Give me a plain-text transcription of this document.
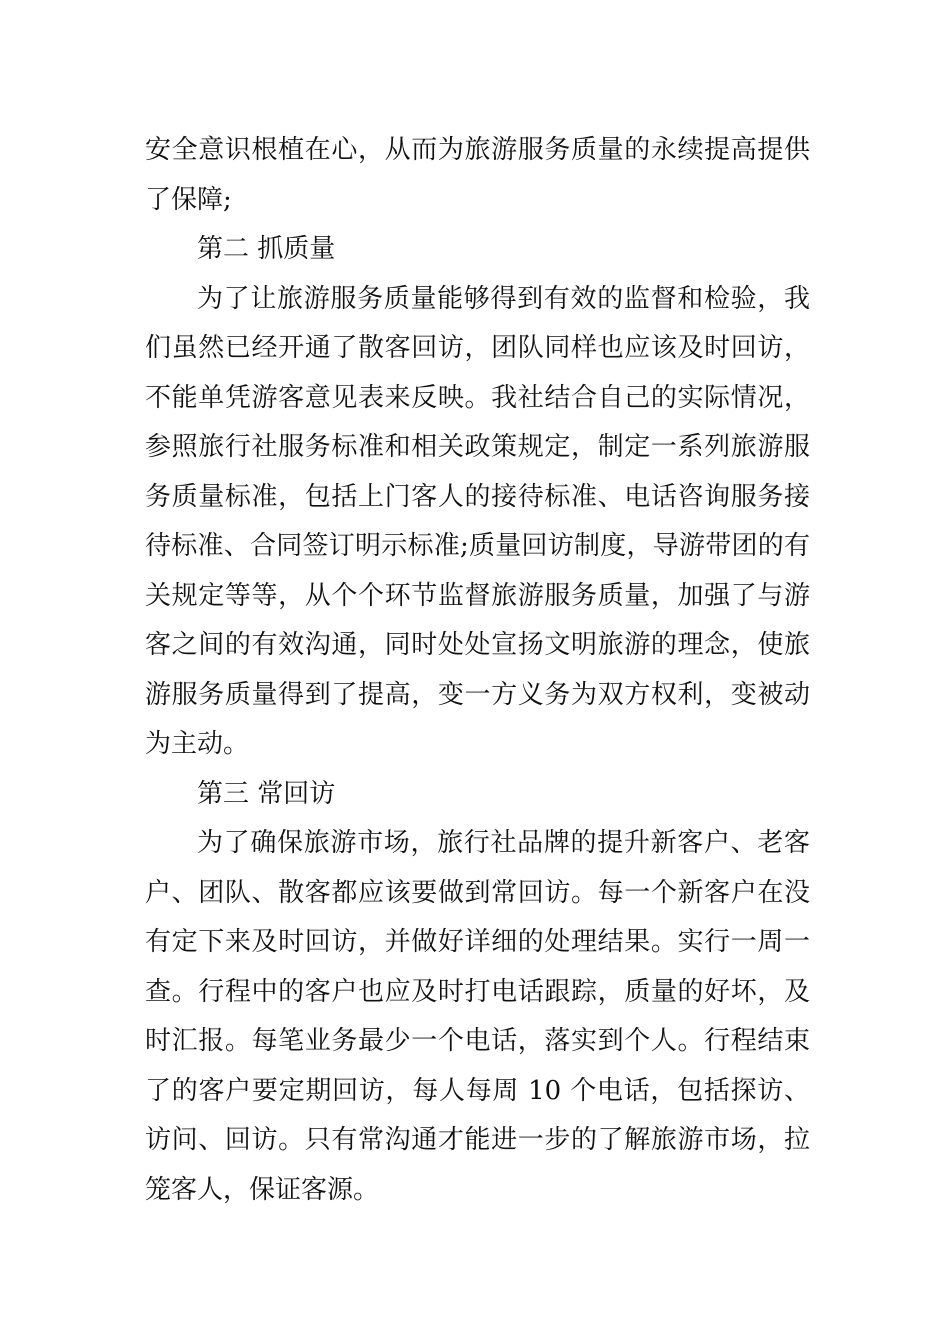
安全意识根植在心，从而为旅游服务质量的永续提高提供了保障;

第二 抓质量

为了让旅游服务质量能够得到有效的监督和检验，我们虽然已经开通了散客回访，团队同样也应该及时回访，不能单凭游客意见表来反映。我社结合自己的实际情况，参照旅行社服务标准和相关政策规定，制定一系列旅游服务质量标准，包括上门客人的接待标准、电话咨询服务接待标准、合同签订明示标准;质量回访制度，导游带团的有关规定等等，从个个环节监督旅游服务质量，加强了与游客之间的有效沟通，同时处处宣扬文明旅游的理念，使旅游服务质量得到了提高，变一方义务为双方权利，变被动为主动。

第三 常回访

为了确保旅游市场，旅行社品牌的提升新客户、老客户、团队、散客都应该要做到常回访。每一个新客户在没有定下来及时回访，并做好详细的处理结果。实行一周一查。行程中的客户也应及时打电话跟踪，质量的好坏，及时汇报。每笔业务最少一个电话，落实到个人。行程结束了的客户要定期回访，每人每周 10 个电话，包括探访、访问、回访。只有常沟通才能进一步的了解旅游市场，拉笼客人，保证客源。
